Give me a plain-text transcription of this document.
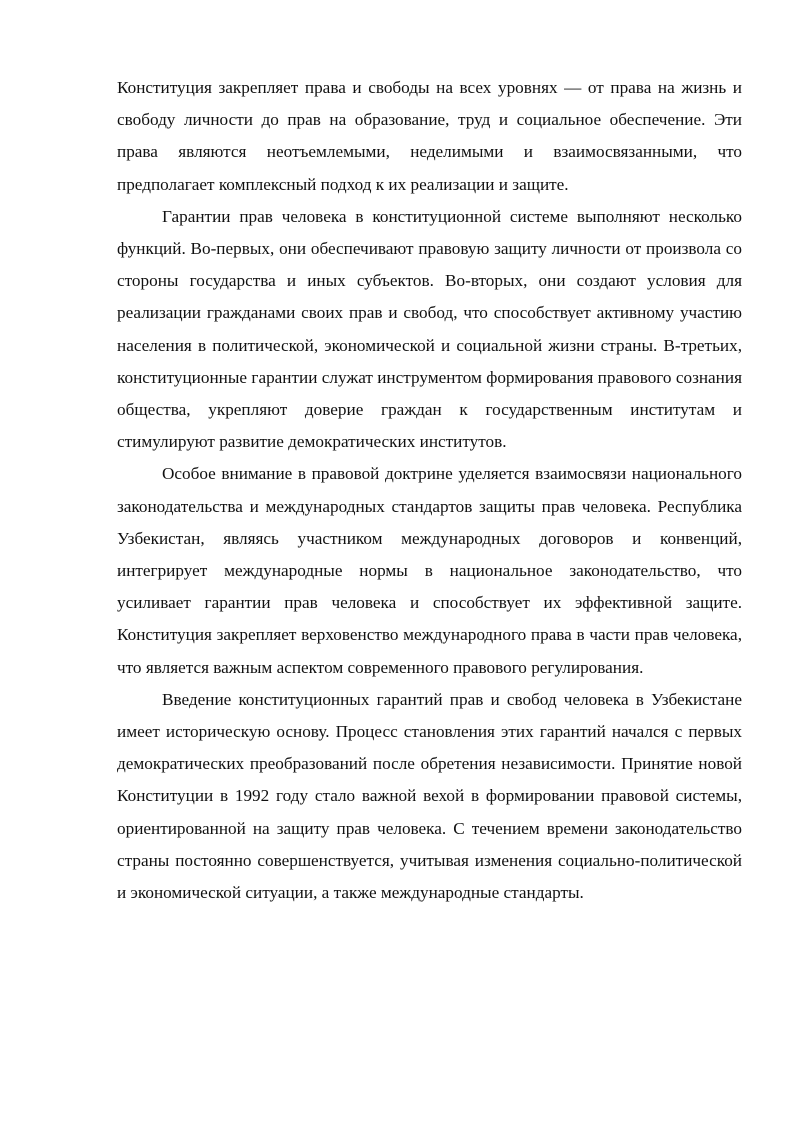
Конституция закрепляет права и свободы на всех уровнях — от права на жизнь и свободу личности до прав на образование, труд и социальное обеспечение. Эти права являются неотъемлемыми, неделимыми и взаимосвязанными, что предполагает комплексный подход к их реализации и защите.

Гарантии прав человека в конституционной системе выполняют несколько функций. Во-первых, они обеспечивают правовую защиту личности от произвола со стороны государства и иных субъектов. Во-вторых, они создают условия для реализации гражданами своих прав и свобод, что способствует активному участию населения в политической, экономической и социальной жизни страны. В-третьих, конституционные гарантии служат инструментом формирования правового сознания общества, укрепляют доверие граждан к государственным институтам и стимулируют развитие демократических институтов.

Особое внимание в правовой доктрине уделяется взаимосвязи национального законодательства и международных стандартов защиты прав человека. Республика Узбекистан, являясь участником международных договоров и конвенций, интегрирует международные нормы в национальное законодательство, что усиливает гарантии прав человека и способствует их эффективной защите. Конституция закрепляет верховенство международного права в части прав человека, что является важным аспектом современного правового регулирования.

Введение конституционных гарантий прав и свобод человека в Узбекистане имеет историческую основу. Процесс становления этих гарантий начался с первых демократических преобразований после обретения независимости. Принятие новой Конституции в 1992 году стало важной вехой в формировании правовой системы, ориентированной на защиту прав человека. С течением времени законодательство страны постоянно совершенствуется, учитывая изменения социально-политической и экономической ситуации, а также международные стандарты.
